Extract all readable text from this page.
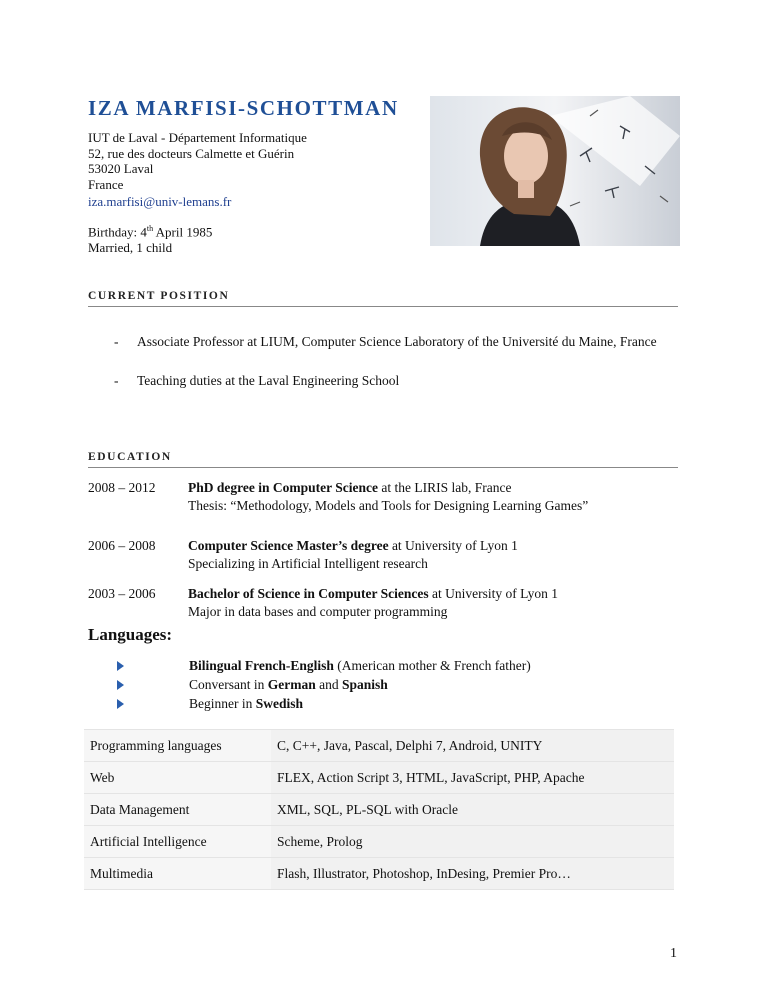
IZA MARFISI-SCHOTTMAN
IUT de Laval - Département Informatique
52, rue des docteurs Calmette et Guérin
53020 Laval
France
iza.marfisi@univ-lemans.fr
Birthday: 4th April 1985
Married, 1 child
CURRENT POSITION
- Associate Professor at LIUM, Computer Science Laboratory of the Université du Maine, France
- Teaching duties at the Laval Engineering School
EDUCATION
2008 – 2012 PhD degree in Computer Science at the LIRIS lab, France
Thesis: “Methodology, Models and Tools for Designing Learning Games”
2006 – 2008 Computer Science Master’s degree at University of Lyon 1
Specializing in Artificial Intelligent research
2003 – 2006 Bachelor of Science in Computer Sciences at University of Lyon 1
Major in data bases and computer programming
Languages:
Bilingual French-English (American mother & French father)
Conversant in German and Spanish
Beginner in Swedish
Programming languages	C, C++, Java, Pascal, Delphi 7, Android, UNITY
Web	FLEX, Action Script 3, HTML, JavaScript, PHP, Apache
Data Management	XML, SQL, PL-SQL with Oracle
Artificial Intelligence	Scheme, Prolog
Multimedia	Flash, Illustrator, Photoshop, InDesing, Premier Pro…
1
